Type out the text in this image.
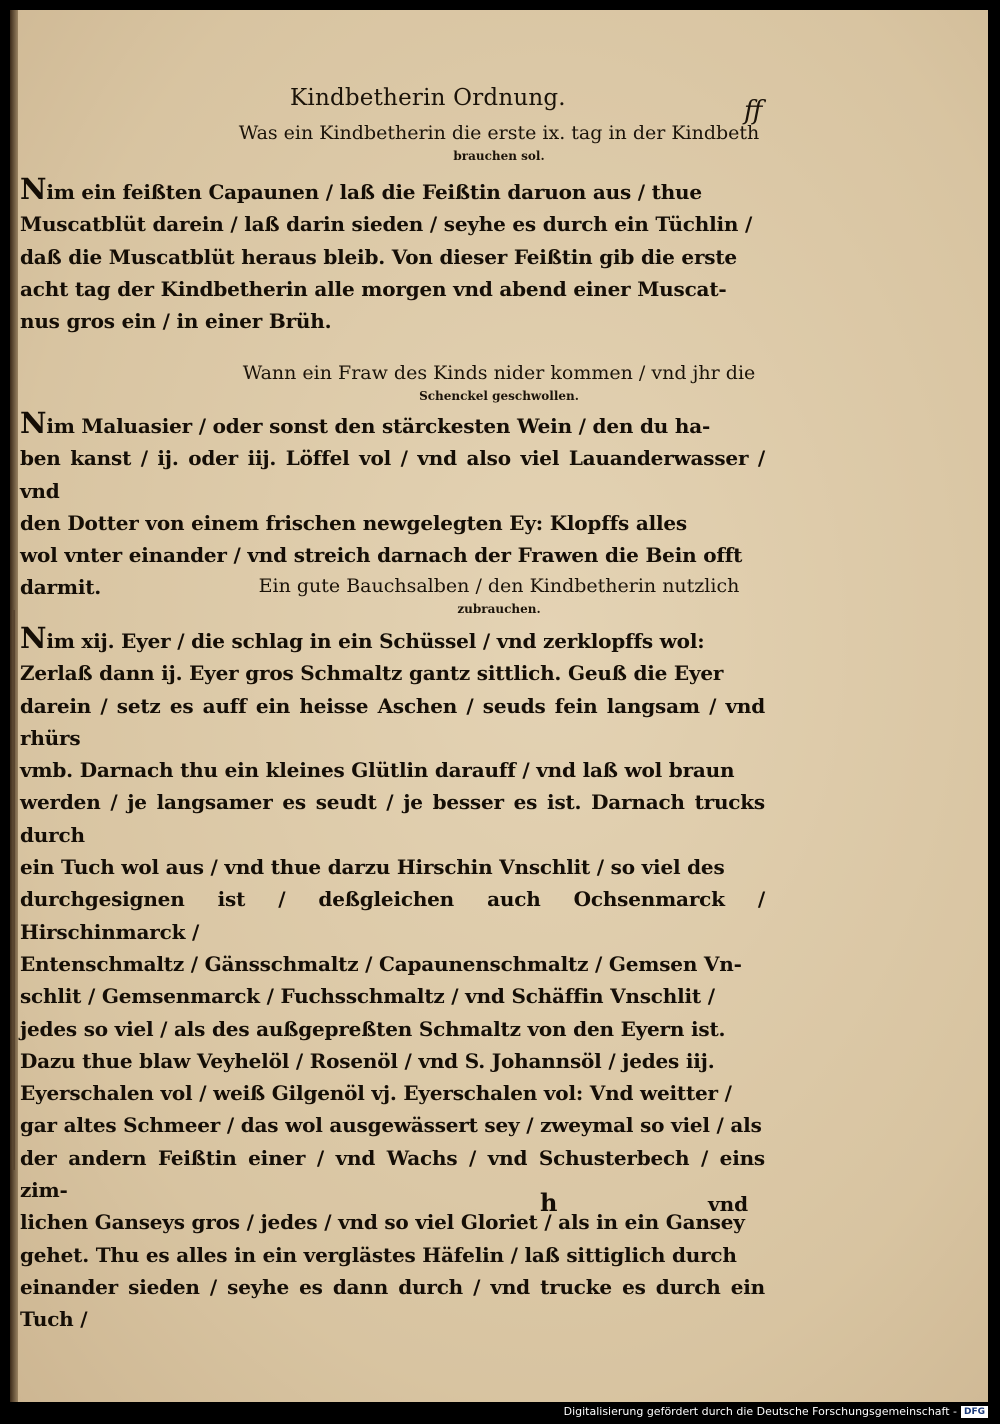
Kindbetherin Ordnung.	ff
Was ein Kindbetherin die erste ix. tag in der Kindbeth
brauchen sol.
Nim ein feißten Capaunen / laß die Feißtin daruon aus / thue
Muscatblüt darein / laß darin sieden / seyhe es durch ein Tüchlin /
daß die Muscatblüt heraus bleib. Von dieser Feißtin gib die erste
acht tag der Kindbetherin alle morgen vnd abend einer Muscat-
nus gros ein / in einer Brüh.
Wann ein Fraw des Kinds nider kommen / vnd jhr die
Schenckel geschwollen.
Nim Maluasier / oder sonst den stärckesten Wein / den du ha-
ben kanst / ij. oder iij. Löffel vol / vnd also viel Lauanderwasser / vnd
den Dotter von einem frischen newgelegten Ey: Klopffs alles
wol vnter einander / vnd streich darnach der Frawen die Bein offt
darmit.	Ein gute Bauchsalben / den Kindbetherin nutzlich
zubrauchen.
Nim xij. Eyer / die schlag in ein Schüssel / vnd zerklopffs wol:
Zerlaß dann ij. Eyer gros Schmaltz gantz sittlich. Geuß die Eyer
darein / setz es auff ein heisse Aschen / seuds fein langsam / vnd rhürs
vmb. Darnach thu ein kleines Glütlin darauff / vnd laß wol braun
werden / je langsamer es seudt / je besser es ist. Darnach trucks durch
ein Tuch wol aus / vnd thue darzu Hirschin Vnschlit / so viel des
durchgesignen ist / deßgleichen auch Ochsenmarck / Hirschinmarck /
Entenschmaltz / Gänsschmaltz / Capaunenschmaltz / Gemsen Vn-
schlit / Gemsenmarck / Fuchsschmaltz / vnd Schäffin Vnschlit /
jedes so viel / als des außgepreßten Schmaltz von den Eyern ist.
Dazu thue blaw Veyhelöl / Rosenöl / vnd S. Johannsöl / jedes iij.
Eyerschalen vol / weiß Gilgenöl vj. Eyerschalen vol: Vnd weitter /
gar altes Schmeer / das wol ausgewässert sey / zweymal so viel / als
der andern Feißtin einer / vnd Wachs / vnd Schusterbech / eins zim-
lichen Ganseys gros / jedes / vnd so viel Gloriet / als in ein Gansey
gehet. Thu es alles in ein verglästes Häfelin / laß sittiglich durch
einander sieden / seyhe es dann durch / vnd trucke es durch ein Tuch /
h	vnd
Digitalisierung gefördert durch die Deutsche Forschungsgemeinschaft - DFG
